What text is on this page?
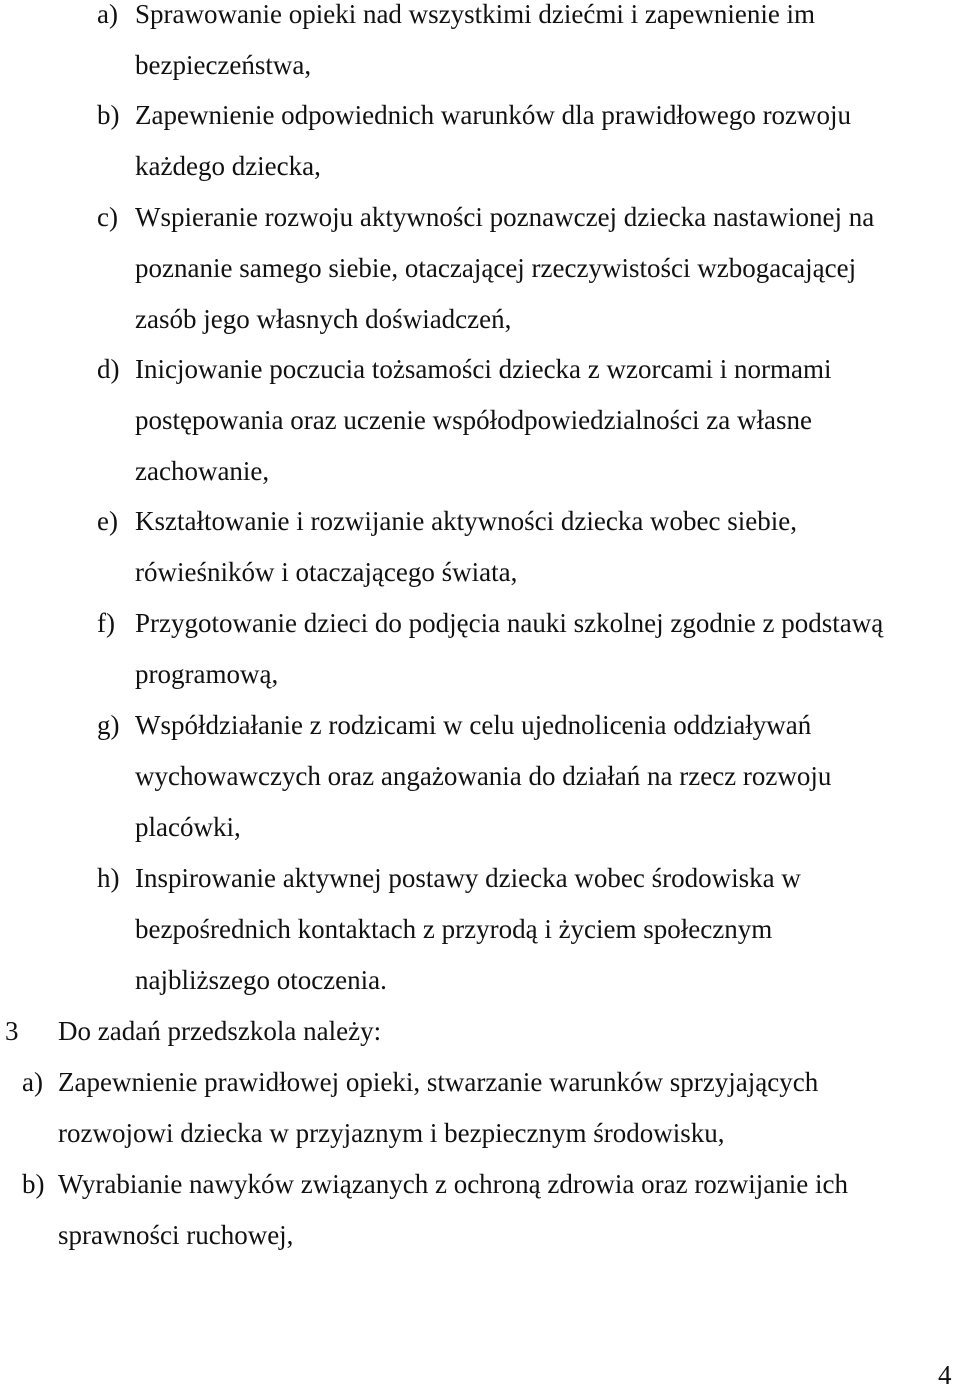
a) Sprawowanie opieki nad wszystkimi dziećmi i zapewnienie im
bezpieczeństwa,
b) Zapewnienie odpowiednich warunków dla prawidłowego rozwoju
każdego dziecka,
c) Wspieranie rozwoju aktywności poznawczej dziecka nastawionej na
poznanie samego siebie, otaczającej rzeczywistości wzbogacającej
zasób jego własnych doświadczeń,
d) Inicjowanie poczucia tożsamości dziecka z wzorcami i normami
postępowania oraz uczenie współodpowiedzialności za własne
zachowanie,
e) Kształtowanie i rozwijanie aktywności dziecka wobec siebie,
rówieśników i otaczającego świata,
f) Przygotowanie dzieci do podjęcia nauki szkolnej zgodnie z podstawą
programową,
g) Współdziałanie z rodzicami w celu ujednolicenia oddziaływań
wychowawczych oraz angażowania do działań na rzecz rozwoju
placówki,
h) Inspirowanie aktywnej postawy dziecka wobec środowiska w
bezpośrednich kontaktach z przyrodą i życiem społecznym
najbliższego otoczenia.
3 Do zadań przedszkola należy:
a) Zapewnienie prawidłowej opieki, stwarzanie warunków sprzyjających
rozwojowi dziecka w przyjaznym i bezpiecznym środowisku,
b) Wyrabianie nawyków związanych z ochroną zdrowia oraz rozwijanie ich
sprawności ruchowej,
4
